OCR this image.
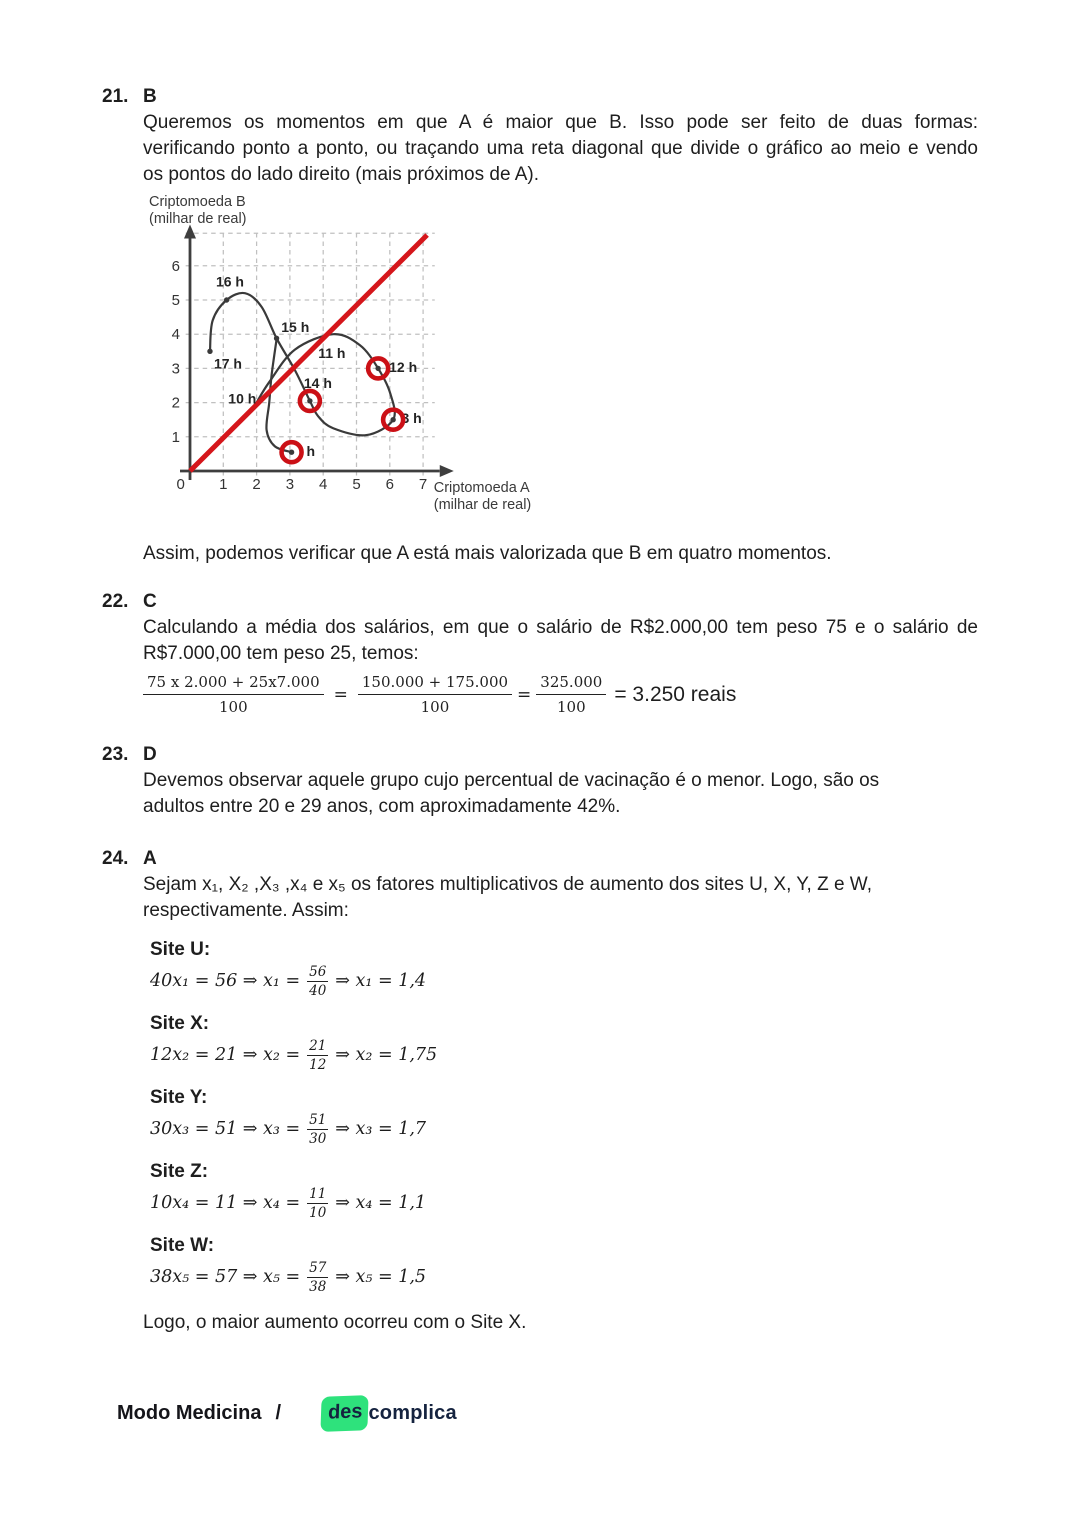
21. B
Queremos os momentos em que A é maior que B. Isso pode ser feito de duas formas:
verificando ponto a ponto, ou traçando uma reta diagonal que divide o gráfico ao meio e vendo
os pontos do lado direito (mais próximos de A).
0 1 2 3 4 5 6 7
1
2
3
4
5
6
Criptomoeda B
(milhar de real)
Criptomoeda A
(milhar de real)
10 h
11 h
12 h
3 h
14 h
15 h
16 h
17 h
h
Assim, podemos verificar que A está mais valorizada que B em quatro momentos.
22. C
Calculando a média dos salários, em que o salário de R$2.000,00 tem peso 75 e o salário de
R$7.000,00 tem peso 25, temos:
$\frac{75 x 2.000 + 25x7.000}{100} = \frac{150.000 + 175.000}{100} = \frac{325.000}{100} = 3.250$ reais
23. D
Devemos observar aquele grupo cujo percentual de vacinação é o menor. Logo, são os
adultos entre 20 e 29 anos, com aproximadamente 42%.
24. A
Sejam x₁, X₂ ,X₃ ,x₄ e x₅ os fatores multiplicativos de aumento dos sites U, X, Y, Z e W,
respectivamente. Assim:
Site U:
40x₁ = 56 ⇒ $x_1 = \frac{56}{40}$ ⇒ x₁ = 1,4
Site X:
12x₂ = 21 ⇒ $x_2 = \frac{21}{12}$ ⇒ x₂ = 1,75
Site Y:
30x₃ = 51 ⇒ $x_3 = \frac{51}{30}$ ⇒ x₃ = 1,7
Site Z:
10x₄ = 11 ⇒ $x_4 = \frac{11}{10}$ ⇒ x₄ = 1,1
Site W:
38x₅ = 57 ⇒ $x_5 = \frac{57}{38}$ ⇒ x₅ = 1,5
Logo, o maior aumento ocorreu com o Site X.
Modo Medicina /	des complica
